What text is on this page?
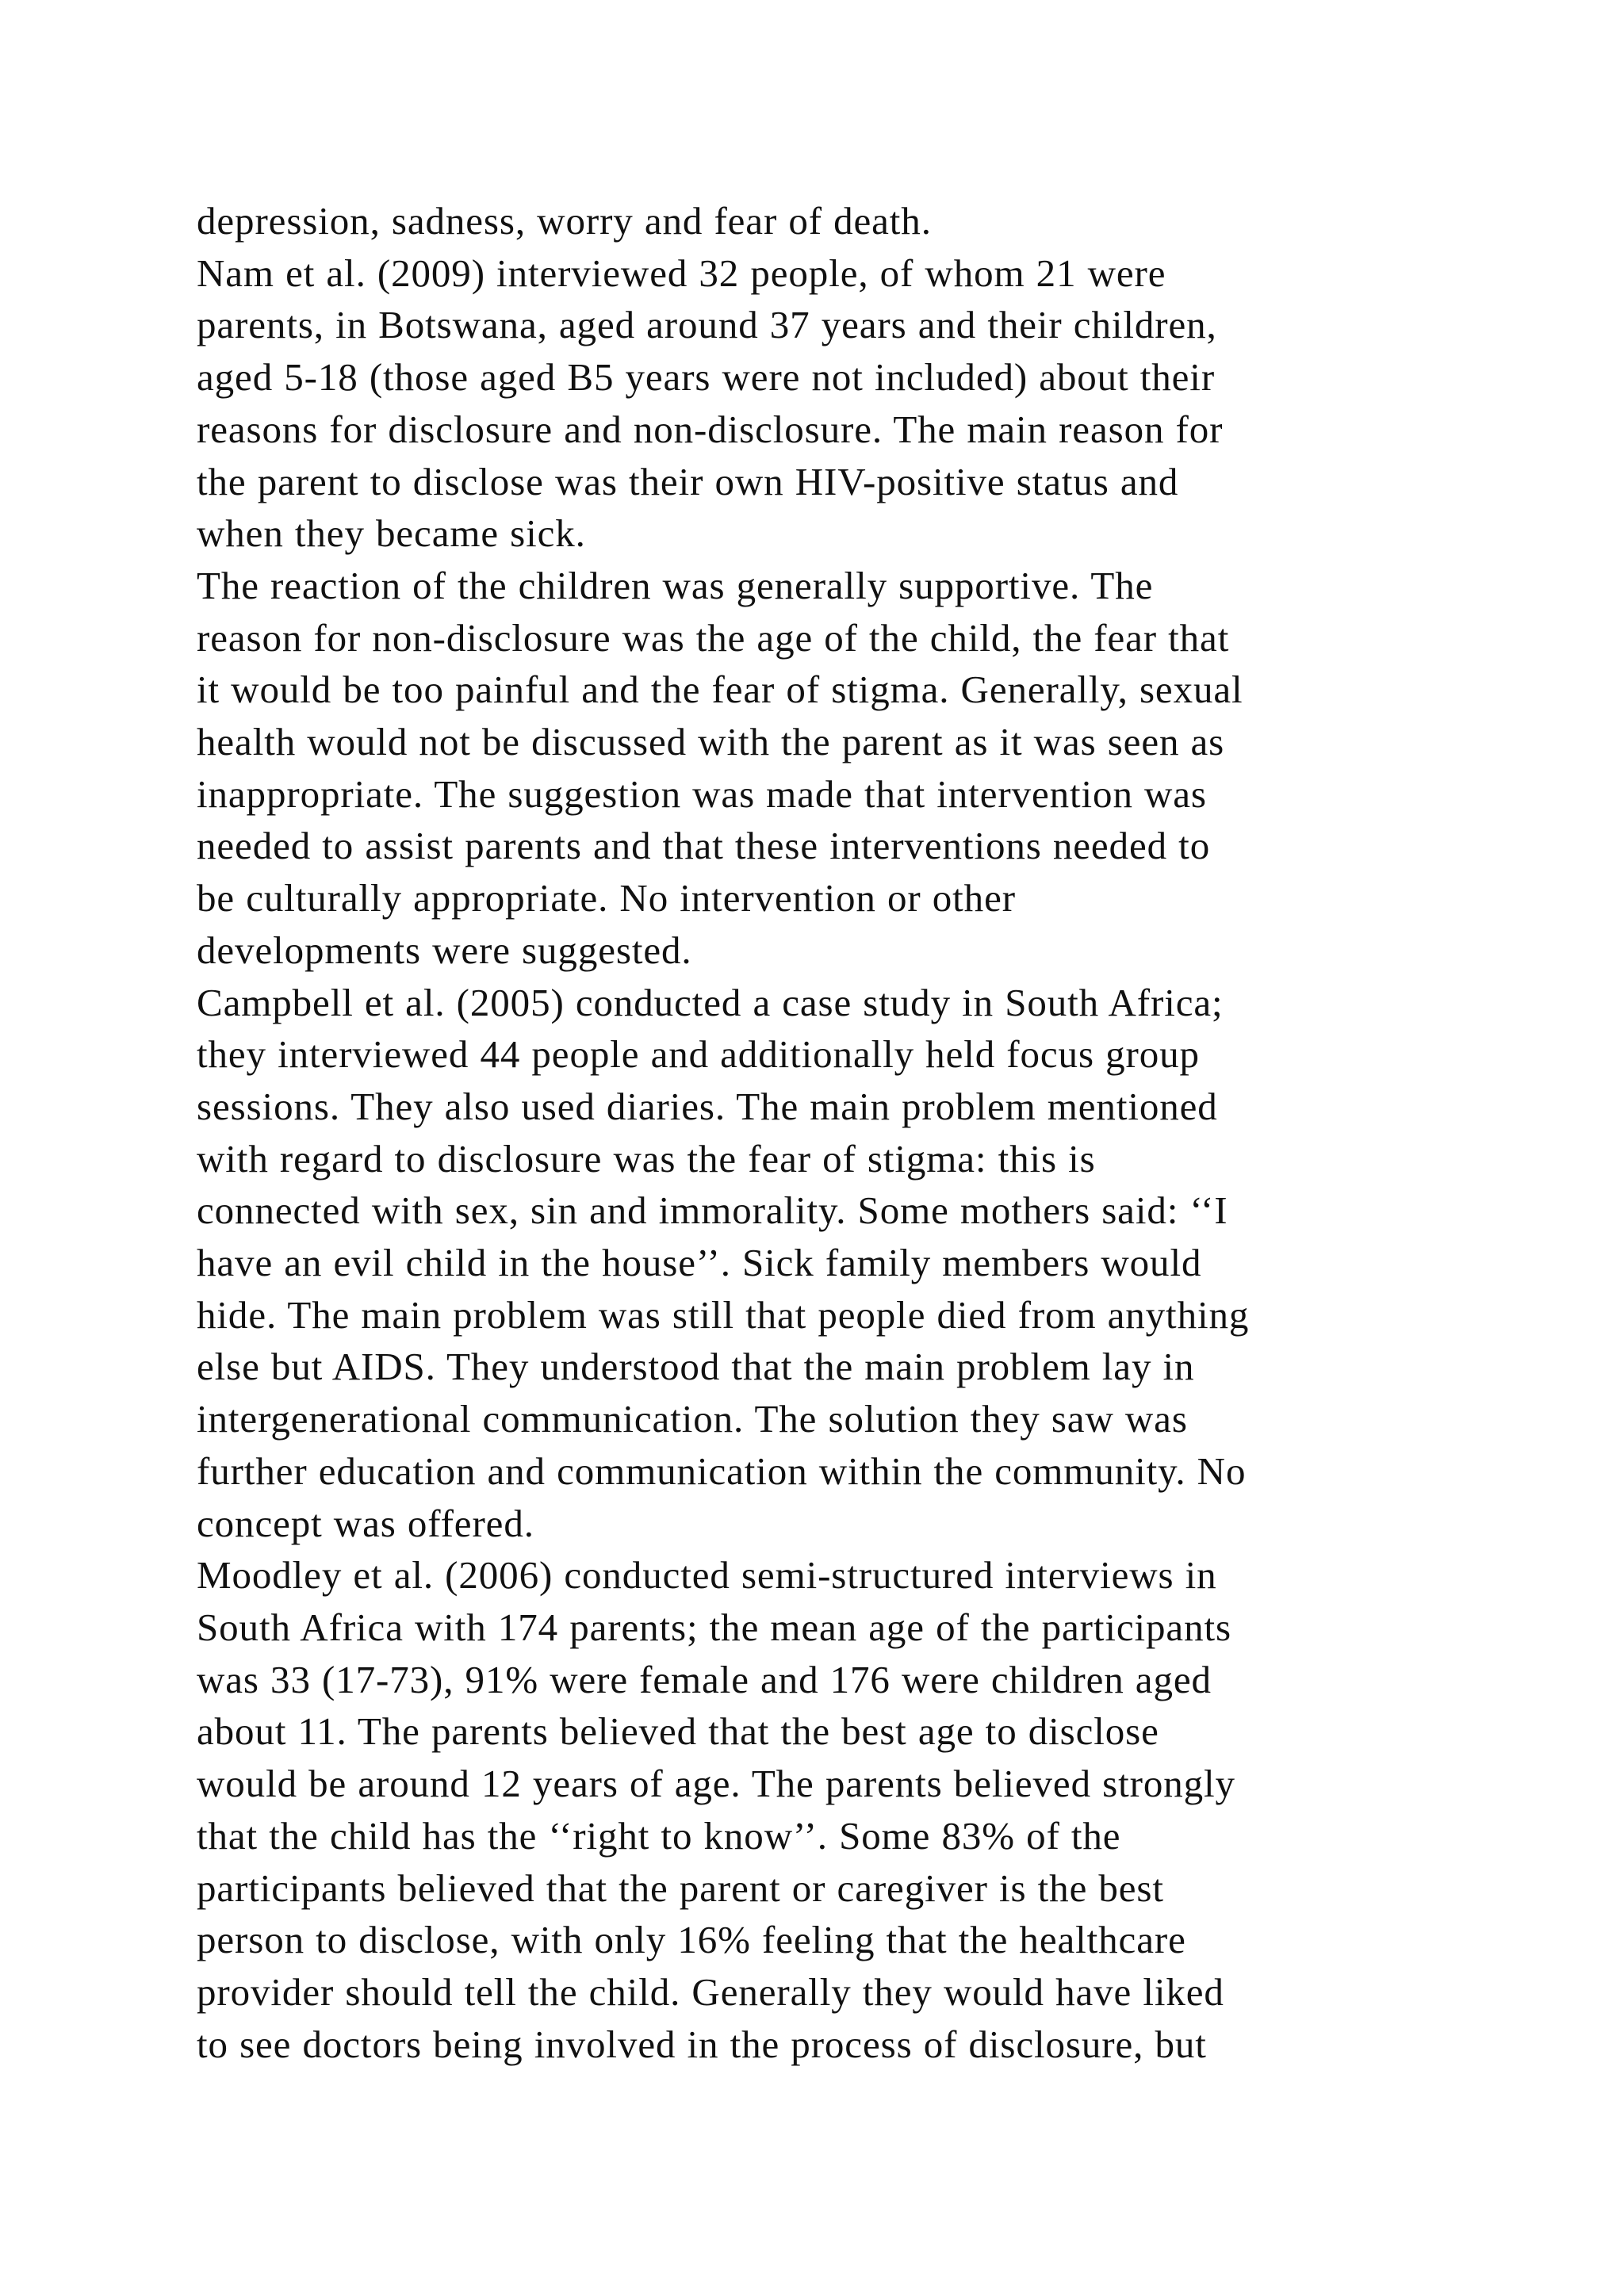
depression, sadness, worry and fear of death.
Nam et al. (2009) interviewed 32 people, of whom 21 were
parents, in Botswana, aged around 37 years and their children,
aged 5-18 (those aged B5 years were not included) about their
reasons for disclosure and non-disclosure. The main reason for
the parent to disclose was their own HIV-positive status and
when they became sick.
The reaction of the children was generally supportive. The
reason for non-disclosure was the age of the child, the fear that
it would be too painful and the fear of stigma. Generally, sexual
health would not be discussed with the parent as it was seen as
inappropriate. The suggestion was made that intervention was
needed to assist parents and that these interventions needed to
be culturally appropriate. No intervention or other
developments were suggested.
Campbell et al. (2005) conducted a case study in South Africa;
they interviewed 44 people and additionally held focus group
sessions. They also used diaries. The main problem mentioned
with regard to disclosure was the fear of stigma: this is
connected with sex, sin and immorality. Some mothers said: ‘‘I
have an evil child in the house’’. Sick family members would
hide. The main problem was still that people died from anything
else but AIDS. They understood that the main problem lay in
intergenerational communication. The solution they saw was
further education and communication within the community. No
concept was offered.
Moodley et al. (2006) conducted semi-structured interviews in
South Africa with 174 parents; the mean age of the participants
was 33 (17-73), 91% were female and 176 were children aged
about 11. The parents believed that the best age to disclose
would be around 12 years of age. The parents believed strongly
that the child has the ‘‘right to know’’. Some 83% of the
participants believed that the parent or caregiver is the best
person to disclose, with only 16% feeling that the healthcare
provider should tell the child. Generally they would have liked
to see doctors being involved in the process of disclosure, but
